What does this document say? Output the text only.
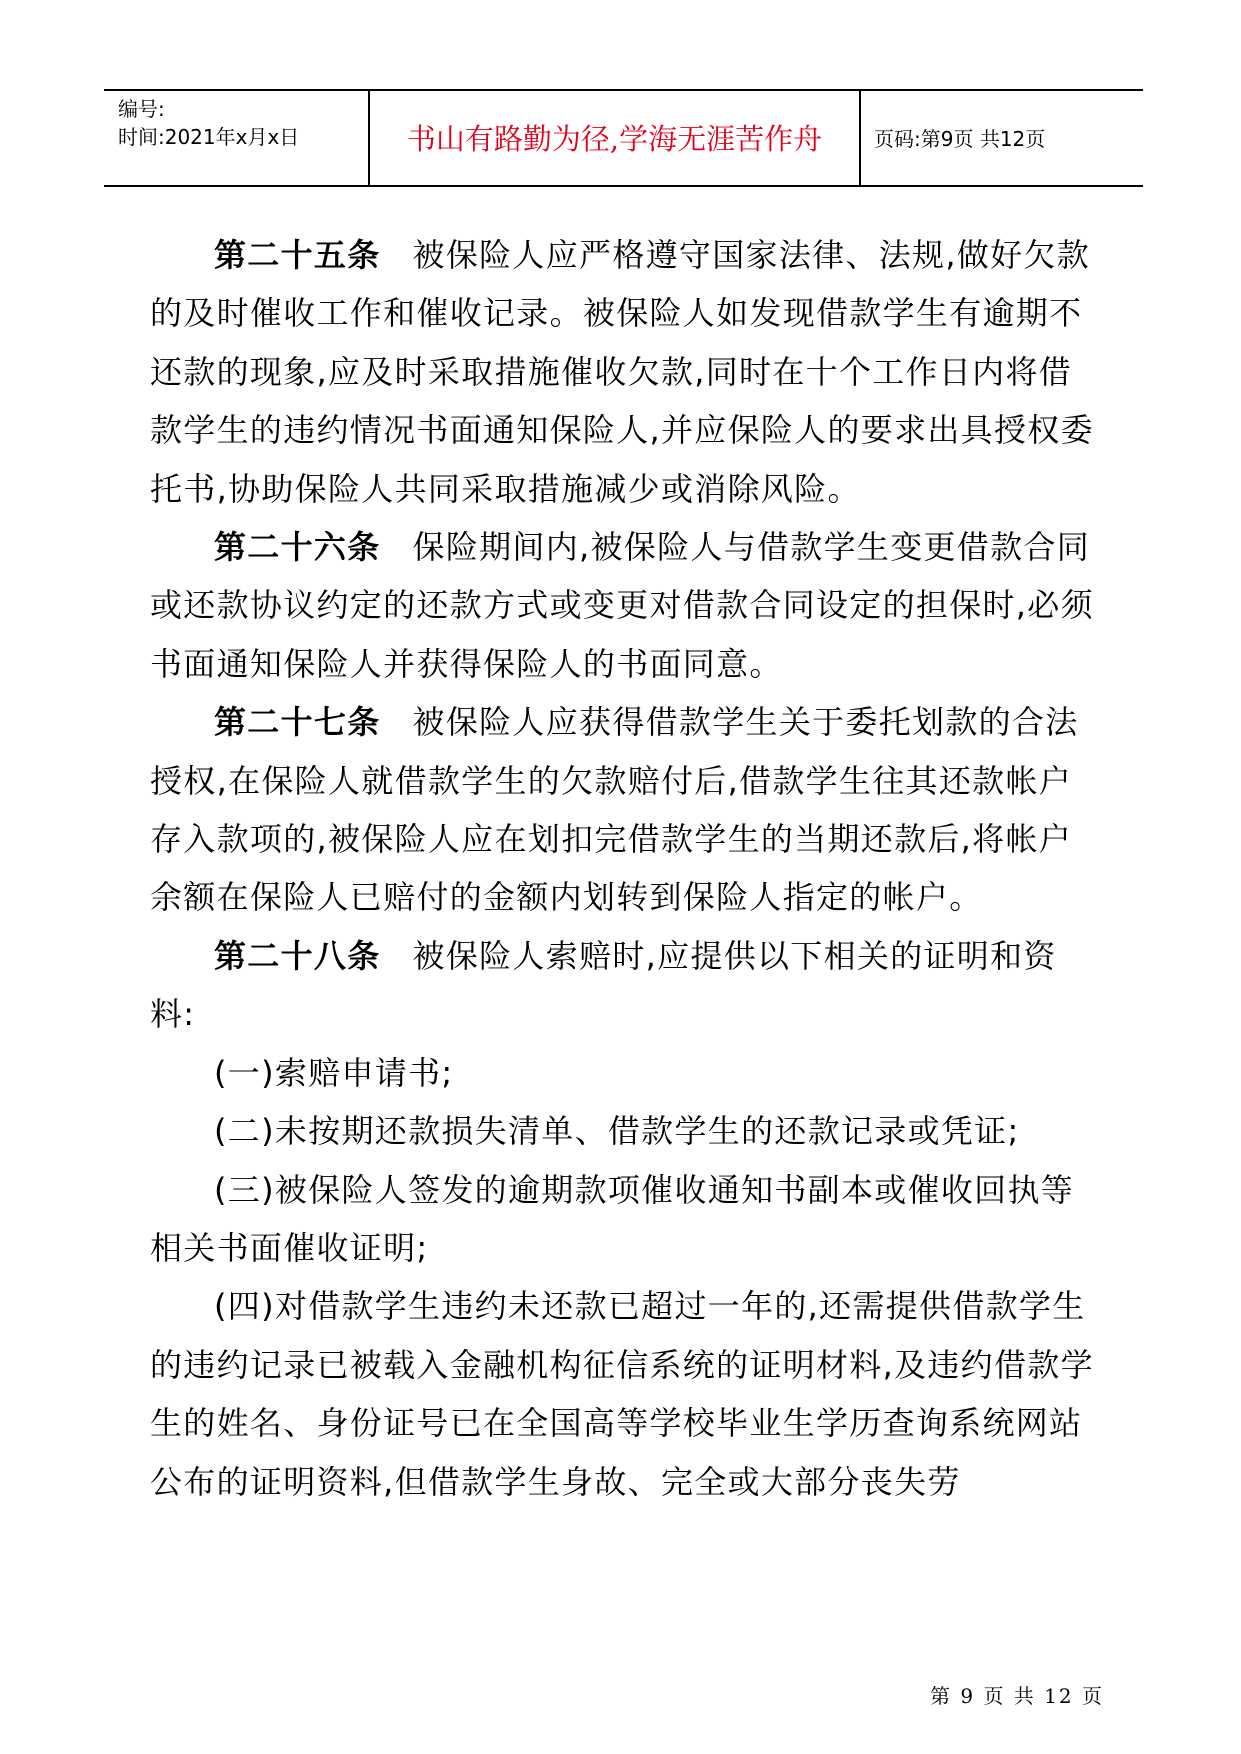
编号:
时间:2021年x月x日	书山有路勤为径,学海无涯苦作舟	页码:第9页 共12页

第二十五条 被保险人应严格遵守国家法律、法规,做好欠款的及时催收工作和催收记录。被保险人如发现借款学生有逾期不还款的现象,应及时采取措施催收欠款,同时在十个工作日内将借款学生的违约情况书面通知保险人,并应保险人的要求出具授权委托书,协助保险人共同采取措施减少或消除风险。

第二十六条 保险期间内,被保险人与借款学生变更借款合同或还款协议约定的还款方式或变更对借款合同设定的担保时,必须书面通知保险人并获得保险人的书面同意。

第二十七条 被保险人应获得借款学生关于委托划款的合法授权,在保险人就借款学生的欠款赔付后,借款学生往其还款帐户存入款项的,被保险人应在划扣完借款学生的当期还款后,将帐户余额在保险人已赔付的金额内划转到保险人指定的帐户。

第二十八条 被保险人索赔时,应提供以下相关的证明和资料:

(一)索赔申请书;

(二)未按期还款损失清单、借款学生的还款记录或凭证;

(三)被保险人签发的逾期款项催收通知书副本或催收回执等相关书面催收证明;

(四)对借款学生违约未还款已超过一年的,还需提供借款学生的违约记录已被载入金融机构征信系统的证明材料,及违约借款学生的姓名、身份证号已在全国高等学校毕业生学历查询系统网站公布的证明资料,但借款学生身故、完全或大部分丧失劳

第 9 页 共 12 页
